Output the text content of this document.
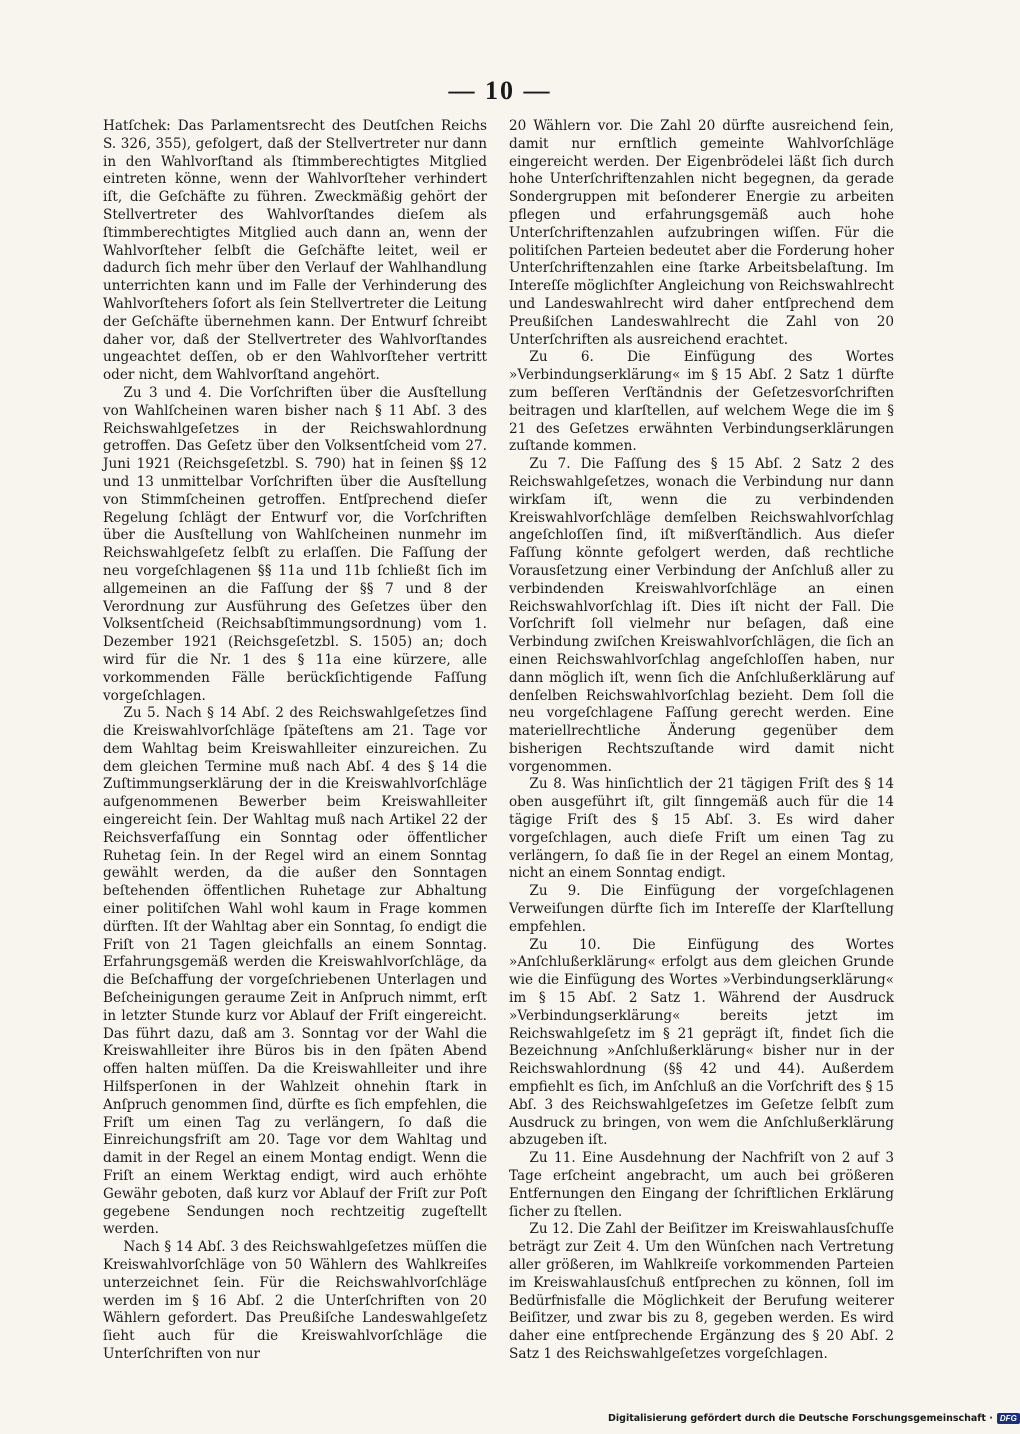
— 10 —

Hatſchek: Das Parlamentsrecht des Deutſchen Reichs S. 326, 355), gefolgert, daß der Stellvertreter nur dann in den Wahlvorſtand als ſtimmberechtigtes Mitglied eintreten könne, wenn der Wahlvorſteher verhindert iſt, die Geſchäfte zu führen. Zweckmäßig gehört der Stellvertreter des Wahlvorſtandes dieſem als ſtimmberechtigtes Mitglied auch dann an, wenn der Wahlvorſteher ſelbſt die Geſchäfte leitet, weil er dadurch ſich mehr über den Verlauf der Wahlhandlung unterrichten kann und im Falle der Verhinderung des Wahlvorſtehers ſofort als ſein Stellvertreter die Leitung der Geſchäfte übernehmen kann. Der Entwurf ſchreibt daher vor, daß der Stellvertreter des Wahlvorſtandes ungeachtet deſſen, ob er den Wahlvorſteher vertritt oder nicht, dem Wahlvorſtand angehört.

Zu 3 und 4. Die Vorſchriften über die Ausſtellung von Wahlſcheinen waren bisher nach § 11 Abſ. 3 des Reichswahlgeſetzes in der Reichswahlordnung getroffen. Das Geſetz über den Volksentſcheid vom 27. Juni 1921 (Reichsgeſetzbl. S. 790) hat in ſeinen §§ 12 und 13 unmittelbar Vorſchriften über die Ausſtellung von Stimmſcheinen getroffen. Entſprechend dieſer Regelung ſchlägt der Entwurf vor, die Vorſchriften über die Ausſtellung von Wahlſcheinen nunmehr im Reichswahlgeſetz ſelbſt zu erlaſſen. Die Faſſung der neu vorgeſchlagenen §§ 11a und 11b ſchließt ſich im allgemeinen an die Faſſung der §§ 7 und 8 der Verordnung zur Ausführung des Geſetzes über den Volksentſcheid (Reichsabſtimmungsordnung) vom 1. Dezember 1921 (Reichsgeſetzbl. S. 1505) an; doch wird für die Nr. 1 des § 11a eine kürzere, alle vorkommenden Fälle berückſichtigende Faſſung vorgeſchlagen.

Zu 5. Nach § 14 Abſ. 2 des Reichswahlgeſetzes ſind die Kreiswahlvorſchläge ſpäteſtens am 21. Tage vor dem Wahltag beim Kreiswahlleiter einzureichen. Zu dem gleichen Termine muß nach Abſ. 4 des § 14 die Zuſtimmungserklärung der in die Kreiswahlvorſchläge aufgenommenen Bewerber beim Kreiswahlleiter eingereicht ſein. Der Wahltag muß nach Artikel 22 der Reichsverfaſſung ein Sonntag oder öffentlicher Ruhetag ſein. In der Regel wird an einem Sonntag gewählt werden, da die außer den Sonntagen beſtehenden öffentlichen Ruhetage zur Abhaltung einer politiſchen Wahl wohl kaum in Frage kommen dürften. Iſt der Wahltag aber ein Sonntag, ſo endigt die Friſt von 21 Tagen gleichfalls an einem Sonntag. Erfahrungsgemäß werden die Kreiswahlvorſchläge, da die Beſchaffung der vorgeſchriebenen Unterlagen und Beſcheinigungen geraume Zeit in Anſpruch nimmt, erſt in letzter Stunde kurz vor Ablauf der Friſt eingereicht. Das führt dazu, daß am 3. Sonntag vor der Wahl die Kreiswahlleiter ihre Büros bis in den ſpäten Abend offen halten müſſen. Da die Kreiswahlleiter und ihre Hilfsperſonen in der Wahlzeit ohnehin ſtark in Anſpruch genommen ſind, dürfte es ſich empfehlen, die Friſt um einen Tag zu verlängern, ſo daß die Einreichungsfriſt am 20. Tage vor dem Wahltag und damit in der Regel an einem Montag endigt. Wenn die Friſt an einem Werktag endigt, wird auch erhöhte Gewähr geboten, daß kurz vor Ablauf der Friſt zur Poſt gegebene Sendungen noch rechtzeitig zugeſtellt werden.

Nach § 14 Abſ. 3 des Reichswahlgeſetzes müſſen die Kreiswahlvorſchläge von 50 Wählern des Wahlkreiſes unterzeichnet ſein. Für die Reichswahlvorſchläge werden im § 16 Abſ. 2 die Unterſchriften von 20 Wählern gefordert. Das Preußiſche Landeswahlgeſetz ſieht auch für die Kreiswahlvorſchläge die Unterſchriften von nur

20 Wählern vor. Die Zahl 20 dürfte ausreichend ſein, damit nur ernſtlich gemeinte Wahlvorſchläge eingereicht werden. Der Eigenbrödelei läßt ſich durch hohe Unterſchriftenzahlen nicht begegnen, da gerade Sondergruppen mit beſonderer Energie zu arbeiten pflegen und erfahrungsgemäß auch hohe Unterſchriftenzahlen aufzubringen wiſſen. Für die politiſchen Parteien bedeutet aber die Forderung hoher Unterſchriftenzahlen eine ſtarke Arbeitsbelaſtung. Im Intereſſe möglichſter Angleichung von Reichswahlrecht und Landeswahlrecht wird daher entſprechend dem Preußiſchen Landeswahlrecht die Zahl von 20 Unterſchriften als ausreichend erachtet.

Zu 6. Die Einfügung des Wortes »Verbindungserklärung« im § 15 Abſ. 2 Satz 1 dürfte zum beſſeren Verſtändnis der Geſetzesvorſchriften beitragen und klarſtellen, auf welchem Wege die im § 21 des Geſetzes erwähnten Verbindungserklärungen zuſtande kommen.

Zu 7. Die Faſſung des § 15 Abſ. 2 Satz 2 des Reichswahlgeſetzes, wonach die Verbindung nur dann wirkſam iſt, wenn die zu verbindenden Kreiswahlvorſchläge demſelben Reichswahlvorſchlag angeſchloſſen ſind, iſt mißverſtändlich. Aus dieſer Faſſung könnte gefolgert werden, daß rechtliche Vorausſetzung einer Verbindung der Anſchluß aller zu verbindenden Kreiswahlvorſchläge an einen Reichswahlvorſchlag iſt. Dies iſt nicht der Fall. Die Vorſchrift ſoll vielmehr nur beſagen, daß eine Verbindung zwiſchen Kreiswahlvorſchlägen, die ſich an einen Reichswahlvorſchlag angeſchloſſen haben, nur dann möglich iſt, wenn ſich die Anſchlußerklärung auf denſelben Reichswahlvorſchlag bezieht. Dem ſoll die neu vorgeſchlagene Faſſung gerecht werden. Eine materiellrechtliche Änderung gegenüber dem bisherigen Rechtszuſtande wird damit nicht vorgenommen.

Zu 8. Was hinſichtlich der 21 tägigen Friſt des § 14 oben ausgeführt iſt, gilt ſinngemäß auch für die 14 tägige Friſt des § 15 Abſ. 3. Es wird daher vorgeſchlagen, auch dieſe Friſt um einen Tag zu verlängern, ſo daß ſie in der Regel an einem Montag, nicht an einem Sonntag endigt.

Zu 9. Die Einfügung der vorgeſchlagenen Verweiſungen dürfte ſich im Intereſſe der Klarſtellung empfehlen.

Zu 10. Die Einfügung des Wortes »Anſchlußerklärung« erfolgt aus dem gleichen Grunde wie die Einfügung des Wortes »Verbindungserklärung« im § 15 Abſ. 2 Satz 1. Während der Ausdruck »Verbindungserklärung« bereits jetzt im Reichswahlgeſetz im § 21 geprägt iſt, findet ſich die Bezeichnung »Anſchlußerklärung« bisher nur in der Reichswahlordnung (§§ 42 und 44). Außerdem empfiehlt es ſich, im Anſchluß an die Vorſchrift des § 15 Abſ. 3 des Reichswahlgeſetzes im Geſetze ſelbſt zum Ausdruck zu bringen, von wem die Anſchlußerklärung abzugeben iſt.

Zu 11. Eine Ausdehnung der Nachfriſt von 2 auf 3 Tage erſcheint angebracht, um auch bei größeren Entfernungen den Eingang der ſchriftlichen Erklärung ſicher zu ſtellen.

Zu 12. Die Zahl der Beiſitzer im Kreiswahlausſchuſſe beträgt zur Zeit 4. Um den Wünſchen nach Vertretung aller größeren, im Wahlkreiſe vorkommenden Parteien im Kreiswahlausſchuß entſprechen zu können, ſoll im Bedürfnisfalle die Möglichkeit der Berufung weiterer Beiſitzer, und zwar bis zu 8, gegeben werden. Es wird daher eine entſprechende Ergänzung des § 20 Abſ. 2 Satz 1 des Reichswahlgeſetzes vorgeſchlagen.

Digitalisierung gefördert durch die Deutsche Forschungsgemeinschaft · DFG
